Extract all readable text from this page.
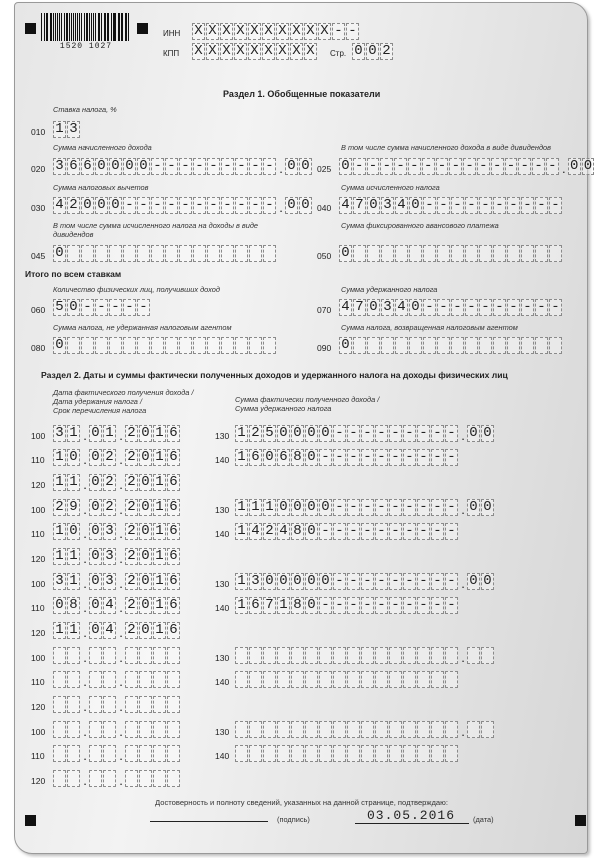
1520 1027
ИНН X X X X X X X X X X - -
КПП X X X X X X X X X Стр. 0 0 2
Раздел 1. Обобщенные показатели
Ставка налога, %
010 1 3
Сумма начисленного дохода	В том числе сумма начисленного дохода в виде дивидендов
020 3 6 6 0 0 0 0 - - - - - - - - - . 0 0 025 0 - - - - - - - - - - - - - - - . 0 0
Сумма налоговых вычетов	Сумма исчисленного налога
030 4 2 0 0 0 - - - - - - - - - - - . 0 0 040 4 7 0 3 4 0 - - - - - - - - - -
В том числе сумма исчисленного налога на доходы в виде
дивидендов
Сумма фиксированного авансового платежа
045 0	050 0
Итого по всем ставкам
Количество физических лиц, получивших доход	Сумма удержанного налога
060 5 0 - - - - -	070 4 7 0 3 4 0 - - - - - - - - - -
Сумма налога, не удержанная налоговым агентом	Сумма налога, возвращенная налоговым агентом
080 0	090 0
Раздел 2. Даты и суммы фактически полученных доходов и удержанного налога на доходы физических лиц
Дата фактического получения дохода /
Дата удержания налога /
Срок перечисления налога
Сумма фактически полученного дохода /
Сумма удержанного налога
100 3 1 . 0 1 . 2 0 1 6	130 1 2 5 0 0 0 0 - - - - - - - - - . 0 0
110 1 0 . 0 2 . 2 0 1 6	140 1 6 0 6 8 0 - - - - - - - - - -
120 1 1 . 0 2 . 2 0 1 6
100 2 9 . 0 2 . 2 0 1 6	130 1 1 1 0 0 0 0 - - - - - - - - - . 0 0
110 1 0 . 0 3 . 2 0 1 6	140 1 4 2 4 8 0 - - - - - - - - - -
120 1 1 . 0 3 . 2 0 1 6
100 3 1 . 0 3 . 2 0 1 6	130 1 3 0 0 0 0 0 - - - - - - - - - . 0 0
110 0 8 . 0 4 . 2 0 1 6	140 1 6 7 1 8 0 - - - - - - - - - -
120 1 1 . 0 4 . 2 0 1 6
100	. .	130	.
110	. .	140
120	. .
100	. .	130	.
110	. .	140
120	. .
Достоверность и полноту сведений, указанных на данной странице, подтверждаю:
(подпись)	03.05.2016 (дата)
